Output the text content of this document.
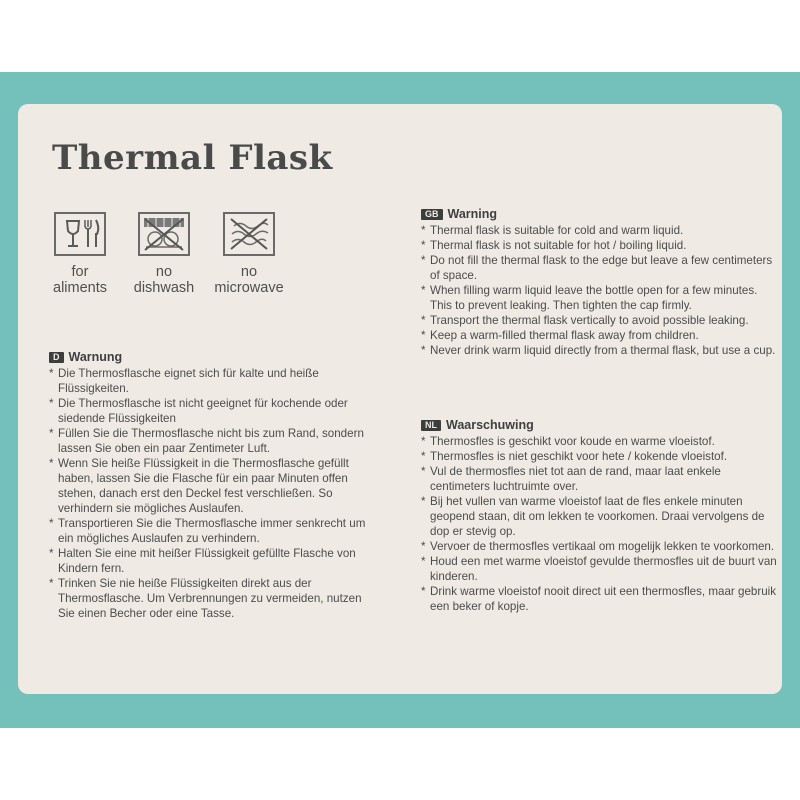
Thermal Flask
for
aliments
no
dishwash
no
microwave
D Warnung
* Die Thermosflasche eignet sich für kalte und heiße Flüssigkeiten.
* Die Thermosflasche ist nicht geeignet für kochende oder siedende Flüssigkeiten
* Füllen Sie die Thermosflasche nicht bis zum Rand, sondern lassen Sie oben ein paar Zentimeter Luft.
* Wenn Sie heiße Flüssigkeit in die Thermosflasche gefüllt haben, lassen Sie die Flasche für ein paar Minuten offen stehen, danach erst den Deckel fest verschließen. So verhindern sie mögliches Auslaufen.
* Transportieren Sie die Thermosflasche immer senkrecht um ein mögliches Auslaufen zu verhindern.
* Halten Sie eine mit heißer Flüssigkeit gefüllte Flasche von Kindern fern.
* Trinken Sie nie heiße Flüssigkeiten direkt aus der Thermosflasche. Um Verbrennungen zu vermeiden, nutzen Sie einen Becher oder eine Tasse.
GB Warning
* Thermal flask is suitable for cold and warm liquid.
* Thermal flask is not suitable for hot / boiling liquid.
* Do not fill the thermal flask to the edge but leave a few centimeters of space.
* When filling warm liquid leave the bottle open for a few minutes. This to prevent leaking. Then tighten the cap firmly.
* Transport the thermal flask vertically to avoid possible leaking.
* Keep a warm-filled thermal flask away from children.
* Never drink warm liquid directly from a thermal flask, but use a cup.
NL Waarschuwing
* Thermosfles is geschikt voor koude en warme vloeistof.
* Thermosfles is niet geschikt voor hete / kokende vloeistof.
* Vul de thermosfles niet tot aan de rand, maar laat enkele centimeters luchtruimte over.
* Bij het vullen van warme vloeistof laat de fles enkele minuten geopend staan, dit om lekken te voorkomen. Draai vervolgens de dop er stevig op.
* Vervoer de thermosfles vertikaal om mogelijk lekken te voorkomen.
* Houd een met warme vloeistof gevulde thermosfles uit de buurt van kinderen.
* Drink warme vloeistof nooit direct uit een thermosfles, maar gebruik een beker of kopje.
